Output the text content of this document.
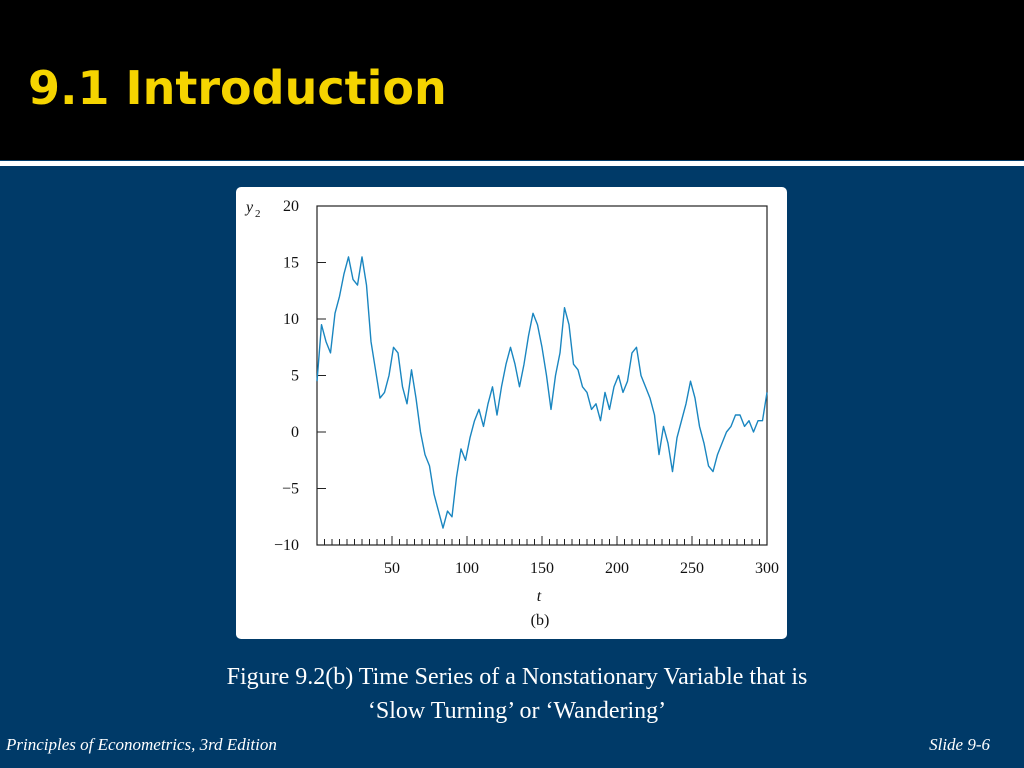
9.1 Introduction
50	100	150	200	250	300
20
15
10
5
0
−5
−10
y 2
t
(b)
Figure 9.2(b) Time Series of a Nonstationary Variable that is
‘Slow Turning’ or ‘Wandering’
Principles of Econometrics, 3rd Edition	Slide 9-6
